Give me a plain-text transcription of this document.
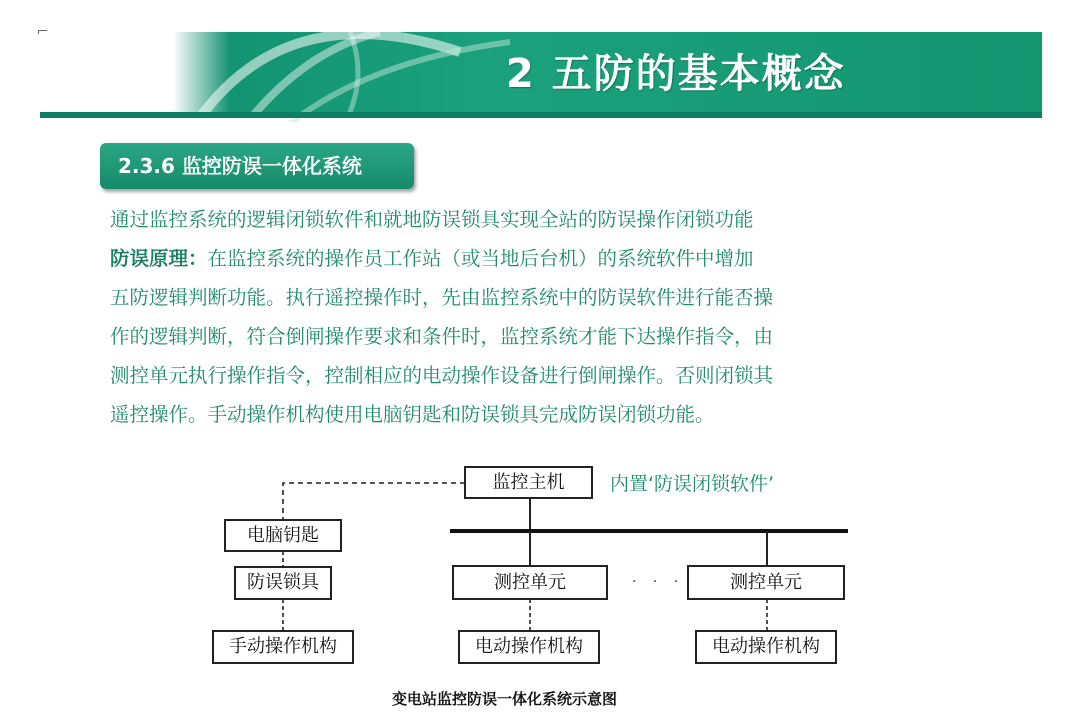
2 五防的基本概念
2.3.6 监控防误一体化系统
通过监控系统的逻辑闭锁软件和就地防误锁具实现全站的防误操作闭锁功能
防误原理：在监控系统的操作员工作站（或当地后台机）的系统软件中增加
五防逻辑判断功能。执行遥控操作时，先由监控系统中的防误软件进行能否操
作的逻辑判断，符合倒闸操作要求和条件时，监控系统才能下达操作指令，由
测控单元执行操作指令，控制相应的电动操作设备进行倒闸操作。否则闭锁其
遥控操作。手动操作机构使用电脑钥匙和防误锁具完成防误闭锁功能。
监控主机	内置‘防误闭锁软件’
电脑钥匙
防误锁具
手动操作机构
测控单元	· · ·	测控单元
电动操作机构	电动操作机构
变电站监控防误一体化系统示意图
